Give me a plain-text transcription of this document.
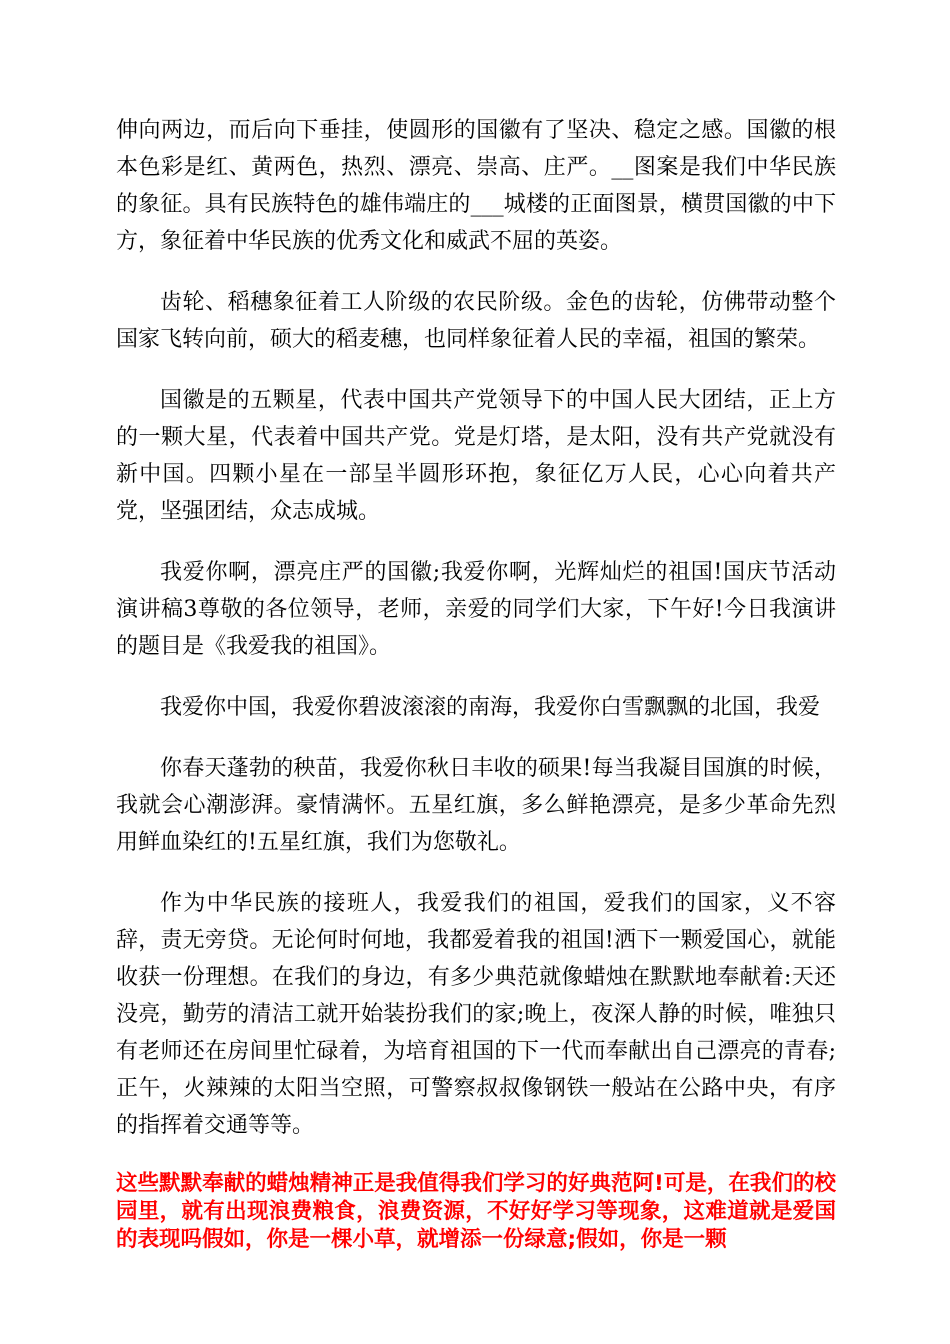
伸向两边，而后向下垂挂，使圆形的国徽有了坚决、稳定之感。国徽的根本色彩是红、黄两色，热烈、漂亮、崇高、庄严。__图案是我们中华民族的象征。具有民族特色的雄伟端庄的___城楼的正面图景，横贯国徽的中下方，象征着中华民族的优秀文化和威武不屈的英姿。

齿轮、稻穗象征着工人阶级的农民阶级。金色的齿轮，仿佛带动整个国家飞转向前，硕大的稻麦穗，也同样象征着人民的幸福，祖国的繁荣。

国徽是的五颗星，代表中国共产党领导下的中国人民大团结，正上方的一颗大星，代表着中国共产党。党是灯塔，是太阳，没有共产党就没有新中国。四颗小星在一部呈半圆形环抱，象征亿万人民，心心向着共产党，坚强团结，众志成城。

我爱你啊，漂亮庄严的国徽;我爱你啊，光辉灿烂的祖国!国庆节活动演讲稿3尊敬的各位领导，老师，亲爱的同学们大家，下午好!今日我演讲的题目是《我爱我的祖国》。

我爱你中国，我爱你碧波滚滚的南海，我爱你白雪飘飘的北国，我爱

你春天蓬勃的秧苗，我爱你秋日丰收的硕果!每当我凝目国旗的时候，我就会心潮澎湃。豪情满怀。五星红旗，多么鲜艳漂亮，是多少革命先烈用鲜血染红的!五星红旗，我们为您敬礼。

作为中华民族的接班人，我爱我们的祖国，爱我们的国家，义不容辞，责无旁贷。无论何时何地，我都爱着我的祖国!洒下一颗爱国心，就能收获一份理想。在我们的身边，有多少典范就像蜡烛在默默地奉献着:天还没亮，勤劳的清洁工就开始装扮我们的家;晚上，夜深人静的时候，唯独只有老师还在房间里忙碌着，为培育祖国的下一代而奉献出自己漂亮的青春;正午，火辣辣的太阳当空照，可警察叔叔像钢铁一般站在公路中央，有序的指挥着交通等等。

这些默默奉献的蜡烛精神正是我值得我们学习的好典范阿!可是，在我们的校园里，就有出现浪费粮食，浪费资源，不好好学习等现象，这难道就是爱国的表现吗假如，你是一棵小草，就增添一份绿意;假如，你是一颗
